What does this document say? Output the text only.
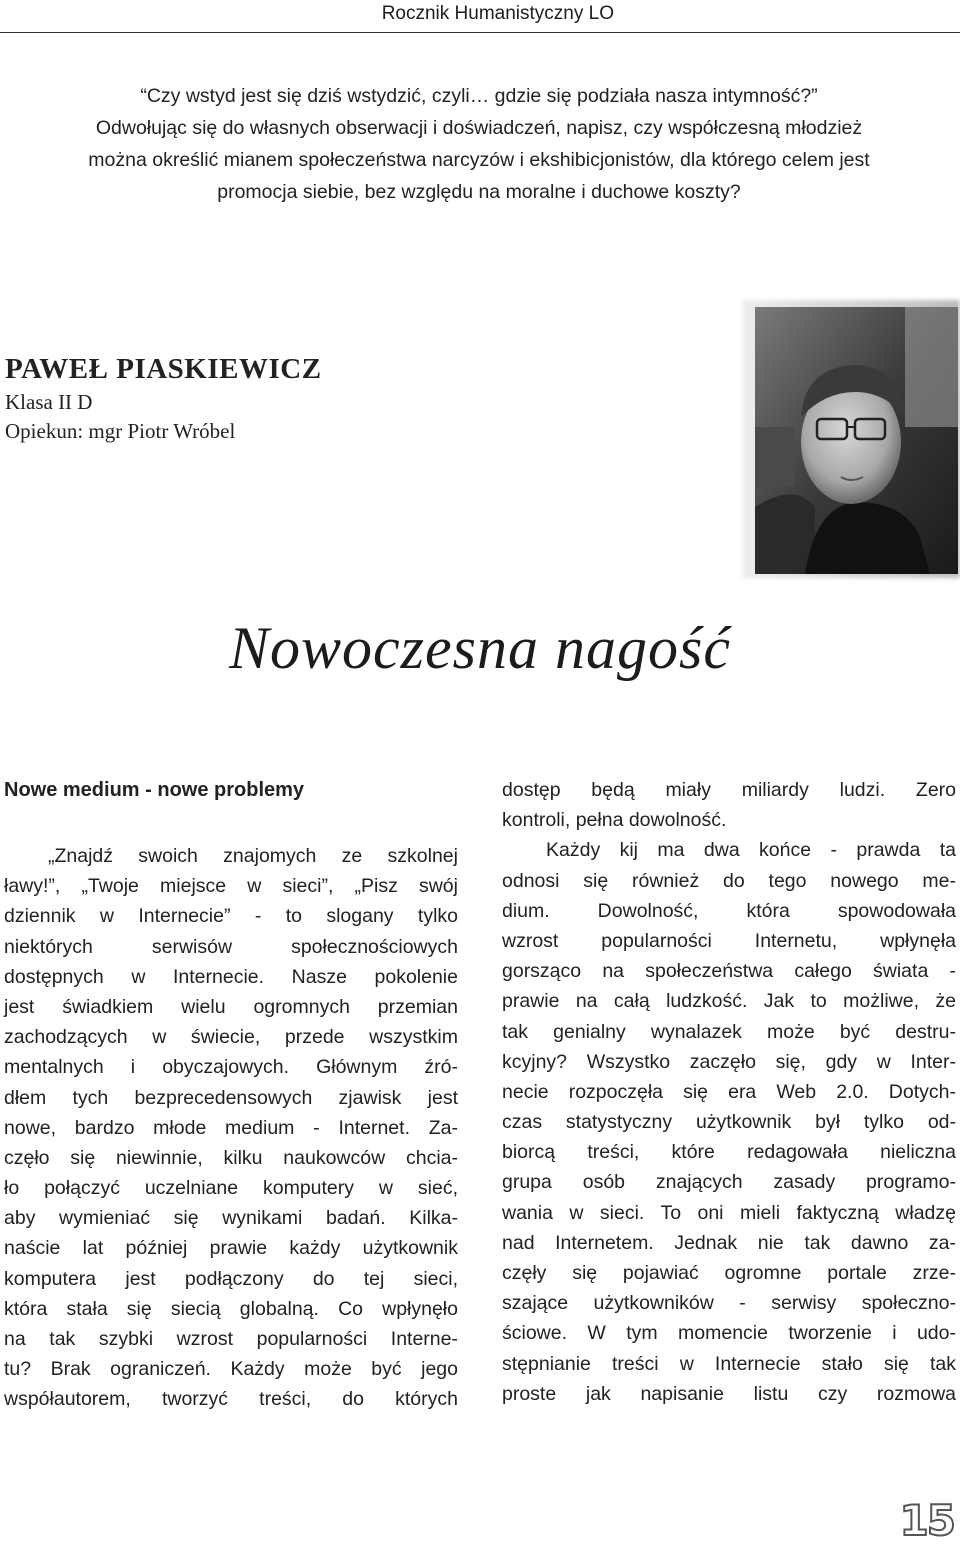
Rocznik Humanistyczny LO
“Czy wstyd jest się dziś wstydzić, czyli… gdzie się podziała nasza intymność?”
Odwołując się do własnych obserwacji i doświadczeń, napisz, czy współczesną młodzież
można określić mianem społeczeństwa narcyzów i ekshibicjonistów, dla którego celem jest
promocja siebie, bez względu na moralne i duchowe koszty?
PAWEŁ PIASKIEWICZ
Klasa II D
Opiekun: mgr Piotr Wróbel
Nowoczesna nagość
Nowe medium - nowe problemy
„Znajdź swoich znajomych ze szkolnej
ławy!”, „Twoje miejsce w sieci”, „Pisz swój
dziennik w Internecie” - to slogany tylko
niektórych serwisów społecznościowych
dostępnych w Internecie. Nasze pokolenie
jest świadkiem wielu ogromnych przemian
zachodzących w świecie, przede wszystkim
mentalnych i obyczajowych. Głównym źró-
dłem tych bezprecedensowych zjawisk jest
nowe, bardzo młode medium - Internet. Za-
częło się niewinnie, kilku naukowców chcia-
ło połączyć uczelniane komputery w sieć,
aby wymieniać się wynikami badań. Kilka-
naście lat później prawie każdy użytkownik
komputera jest podłączony do tej sieci,
która stała się siecią globalną. Co wpłynęło
na tak szybki wzrost popularności Interne-
tu? Brak ograniczeń. Każdy może być jego
współautorem, tworzyć treści, do których
dostęp będą miały miliardy ludzi. Zero
kontroli, pełna dowolność.
Każdy kij ma dwa końce - prawda ta
odnosi się również do tego nowego me-
dium. Dowolność, która spowodowała
wzrost popularności Internetu, wpłynęła
gorsząco na społeczeństwa całego świata -
prawie na całą ludzkość. Jak to możliwe, że
tak genialny wynalazek może być destru-
kcyjny? Wszystko zaczęło się, gdy w Inter-
necie rozpoczęła się era Web 2.0. Dotych-
czas statystyczny użytkownik był tylko od-
biorcą treści, które redagowała nieliczna
grupa osób znających zasady programo-
wania w sieci. To oni mieli faktyczną władzę
nad Internetem. Jednak nie tak dawno za-
częły się pojawiać ogromne portale zrze-
szające użytkowników - serwisy społeczno-
ściowe. W tym momencie tworzenie i udo-
stępnianie treści w Internecie stało się tak
proste jak napisanie listu czy rozmowa
15
